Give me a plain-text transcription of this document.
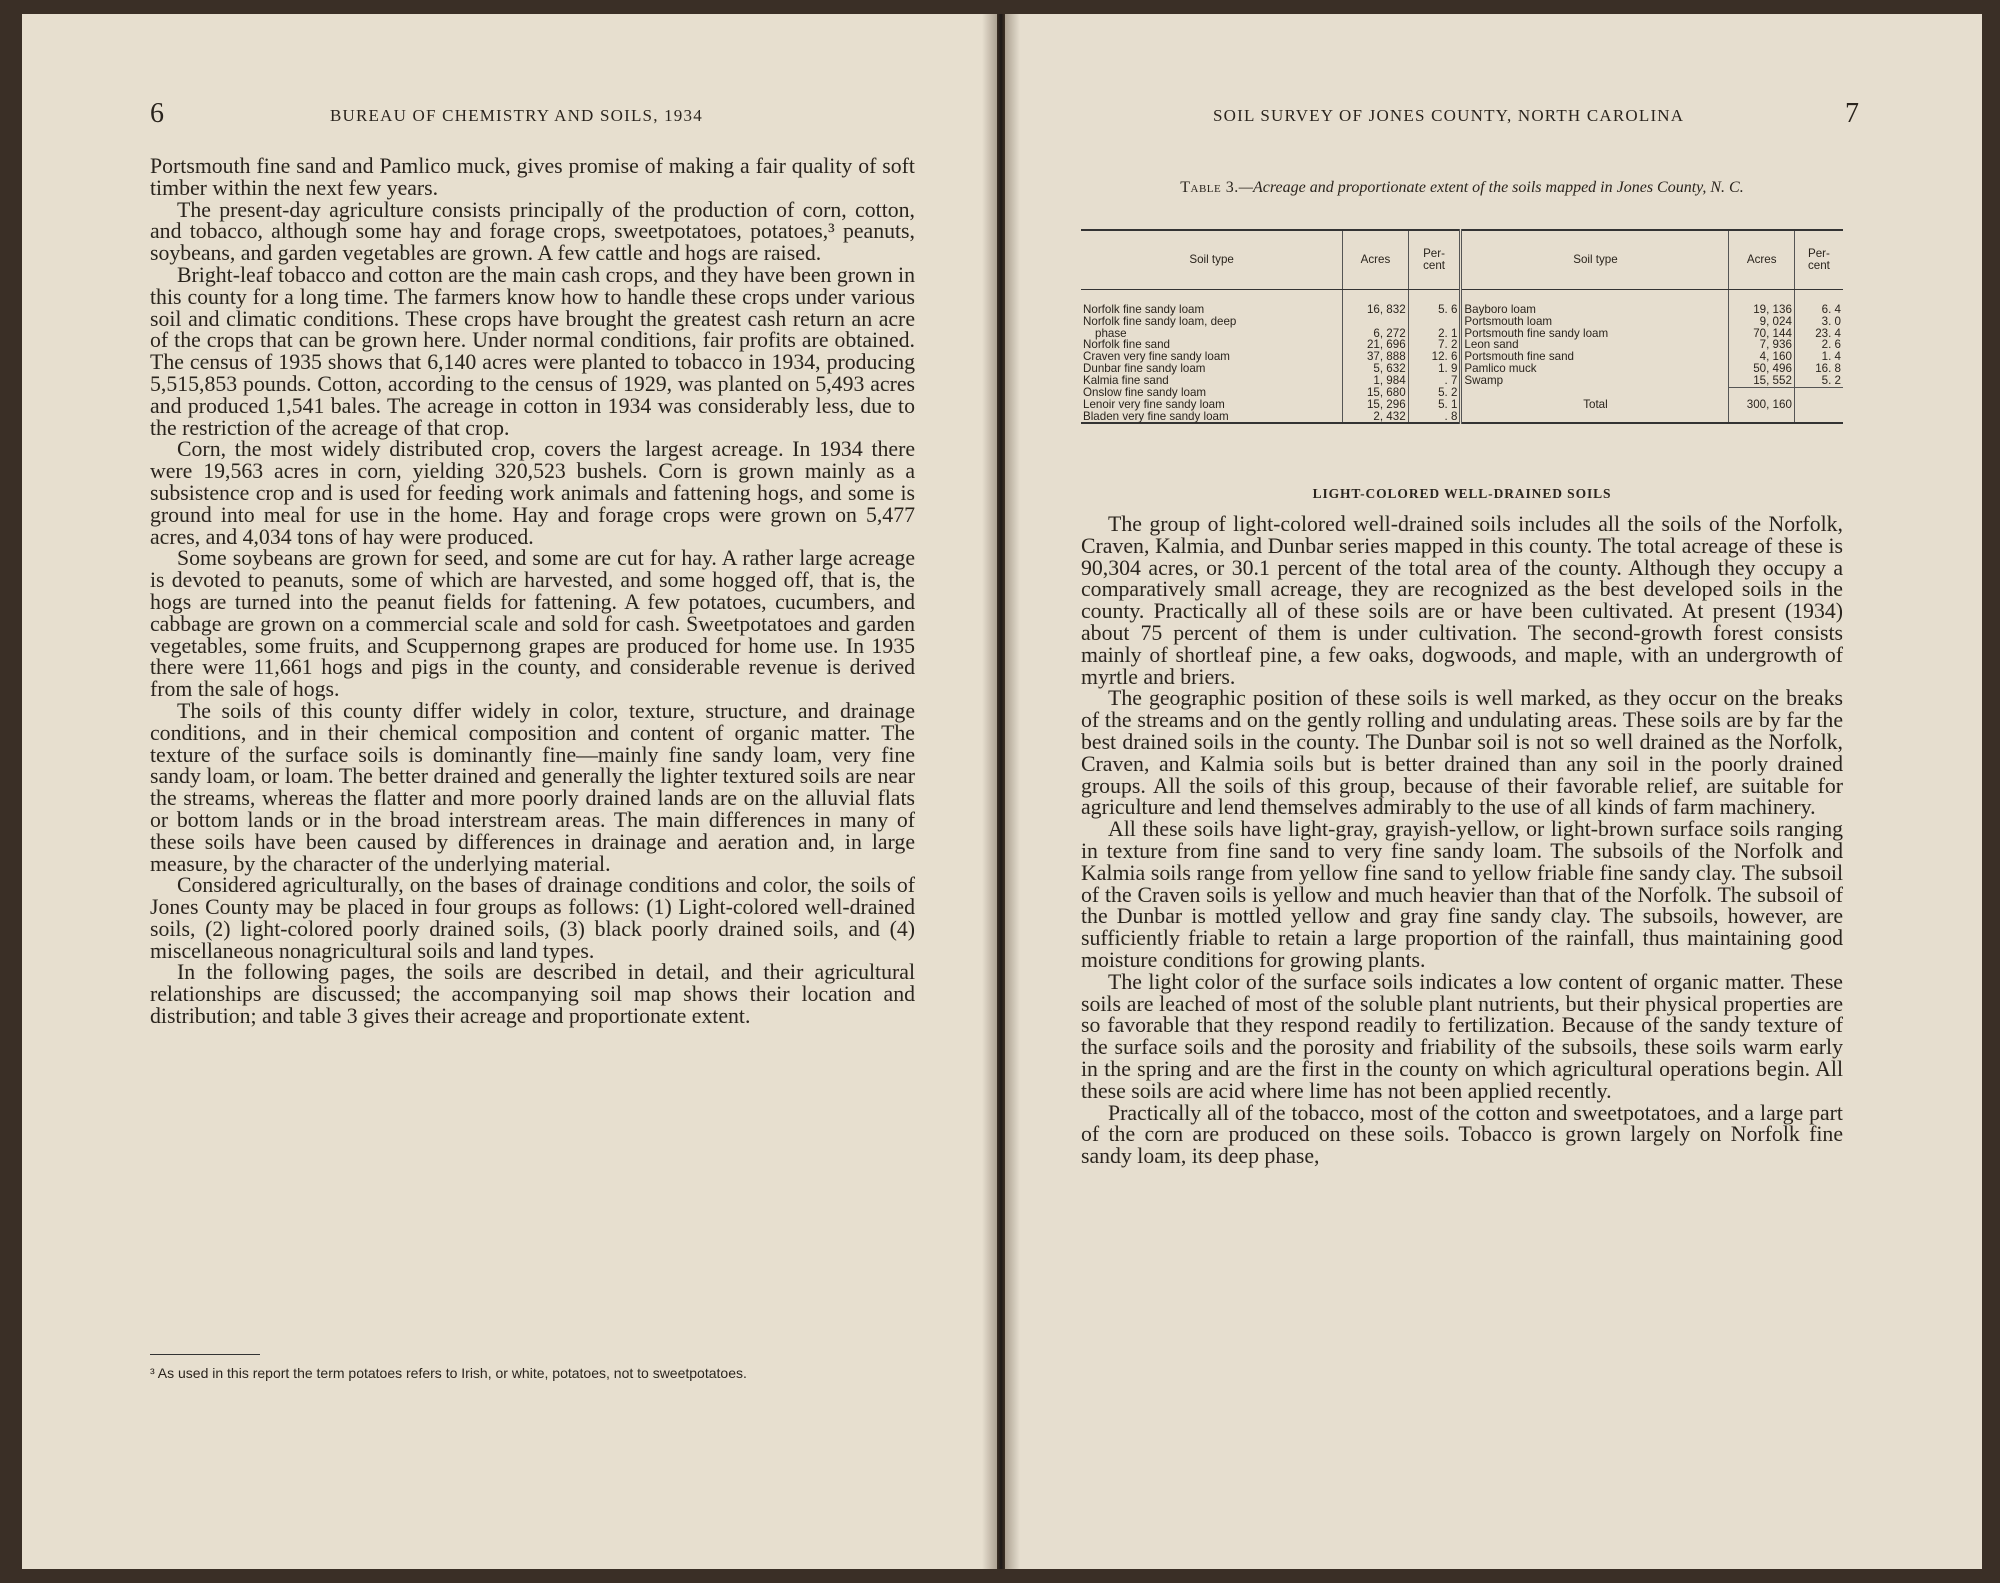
6	BUREAU OF CHEMISTRY AND SOILS, 1934

Portsmouth fine sand and Pamlico muck, gives promise of making a fair quality of soft timber within the next few years.

The present-day agriculture consists principally of the production of corn, cotton, and tobacco, although some hay and forage crops, sweetpotatoes, potatoes,³ peanuts, soybeans, and garden vegetables are grown. A few cattle and hogs are raised.

Bright-leaf tobacco and cotton are the main cash crops, and they have been grown in this county for a long time. The farmers know how to handle these crops under various soil and climatic conditions. These crops have brought the greatest cash return an acre of the crops that can be grown here. Under normal conditions, fair profits are obtained. The census of 1935 shows that 6,140 acres were planted to tobacco in 1934, producing 5,515,853 pounds. Cotton, according to the census of 1929, was planted on 5,493 acres and produced 1,541 bales. The acreage in cotton in 1934 was considerably less, due to the restriction of the acreage of that crop.

Corn, the most widely distributed crop, covers the largest acreage. In 1934 there were 19,563 acres in corn, yielding 320,523 bushels. Corn is grown mainly as a subsistence crop and is used for feeding work animals and fattening hogs, and some is ground into meal for use in the home. Hay and forage crops were grown on 5,477 acres, and 4,034 tons of hay were produced.

Some soybeans are grown for seed, and some are cut for hay. A rather large acreage is devoted to peanuts, some of which are harvested, and some hogged off, that is, the hogs are turned into the peanut fields for fattening. A few potatoes, cucumbers, and cabbage are grown on a commercial scale and sold for cash. Sweetpotatoes and garden vegetables, some fruits, and Scuppernong grapes are produced for home use. In 1935 there were 11,661 hogs and pigs in the county, and considerable revenue is derived from the sale of hogs.

The soils of this county differ widely in color, texture, structure, and drainage conditions, and in their chemical composition and content of organic matter. The texture of the surface soils is dominantly fine—mainly fine sandy loam, very fine sandy loam, or loam. The better drained and generally the lighter textured soils are near the streams, whereas the flatter and more poorly drained lands are on the alluvial flats or bottom lands or in the broad interstream areas. The main differences in many of these soils have been caused by differences in drainage and aeration and, in large measure, by the character of the underlying material.

Considered agriculturally, on the bases of drainage conditions and color, the soils of Jones County may be placed in four groups as follows: (1) Light-colored well-drained soils, (2) light-colored poorly drained soils, (3) black poorly drained soils, and (4) miscellaneous nonagricultural soils and land types.

In the following pages, the soils are described in detail, and their agricultural relationships are discussed; the accompanying soil map shows their location and distribution; and table 3 gives their acreage and proportionate extent.

³ As used in this report the term potatoes refers to Irish, or white, potatoes, not to sweetpotatoes.
SOIL SURVEY OF JONES COUNTY, NORTH CAROLINA	7
Table 3.—Acreage and proportionate extent of the soils mapped in Jones County, N. C.
Soil type	Acres	Per- cent	Soil type	Acres	Per- cent

Norfolk fine sandy loam	16, 832	5. 6	Bayboro loam	19, 136	6. 4
Norfolk fine sandy loam, deep			Portsmouth loam	9, 024	3. 0
phase	6, 272	2. 1	Portsmouth fine sandy loam	70, 144	23. 4
Norfolk fine sand	21, 696	7. 2	Leon sand	7, 936	2. 6
Craven very fine sandy loam	37, 888	12. 6	Portsmouth fine sand	4, 160	1. 4
Dunbar fine sandy loam	5, 632	1. 9	Pamlico muck	50, 496	16. 8
Kalmia fine sand	1, 984	. 7	Swamp	15, 552	5. 2
Onslow fine sandy loam	15, 680	5. 2			
Lenoir very fine sandy loam	15, 296	5. 1	Total	300, 160	
Bladen very fine sandy loam	2, 432	. 8			
LIGHT-COLORED WELL-DRAINED SOILS

The group of light-colored well-drained soils includes all the soils of the Norfolk, Craven, Kalmia, and Dunbar series mapped in this county. The total acreage of these is 90,304 acres, or 30.1 percent of the total area of the county. Although they occupy a comparatively small acreage, they are recognized as the best developed soils in the county. Practically all of these soils are or have been cultivated. At present (1934) about 75 percent of them is under cultivation. The second-growth forest consists mainly of shortleaf pine, a few oaks, dogwoods, and maple, with an undergrowth of myrtle and briers.

The geographic position of these soils is well marked, as they occur on the breaks of the streams and on the gently rolling and undulating areas. These soils are by far the best drained soils in the county. The Dunbar soil is not so well drained as the Norfolk, Craven, and Kalmia soils but is better drained than any soil in the poorly drained groups. All the soils of this group, because of their favorable relief, are suitable for agriculture and lend themselves admirably to the use of all kinds of farm machinery.

All these soils have light-gray, grayish-yellow, or light-brown surface soils ranging in texture from fine sand to very fine sandy loam. The subsoils of the Norfolk and Kalmia soils range from yellow fine sand to yellow friable fine sandy clay. The subsoil of the Craven soils is yellow and much heavier than that of the Norfolk. The subsoil of the Dunbar is mottled yellow and gray fine sandy clay. The subsoils, however, are sufficiently friable to retain a large proportion of the rainfall, thus maintaining good moisture conditions for growing plants.

The light color of the surface soils indicates a low content of organic matter. These soils are leached of most of the soluble plant nutrients, but their physical properties are so favorable that they respond readily to fertilization. Because of the sandy texture of the surface soils and the porosity and friability of the subsoils, these soils warm early in the spring and are the first in the county on which agricultural operations begin. All these soils are acid where lime has not been applied recently.

Practically all of the tobacco, most of the cotton and sweetpotatoes, and a large part of the corn are produced on these soils. Tobacco is grown largely on Norfolk fine sandy loam, its deep phase,
